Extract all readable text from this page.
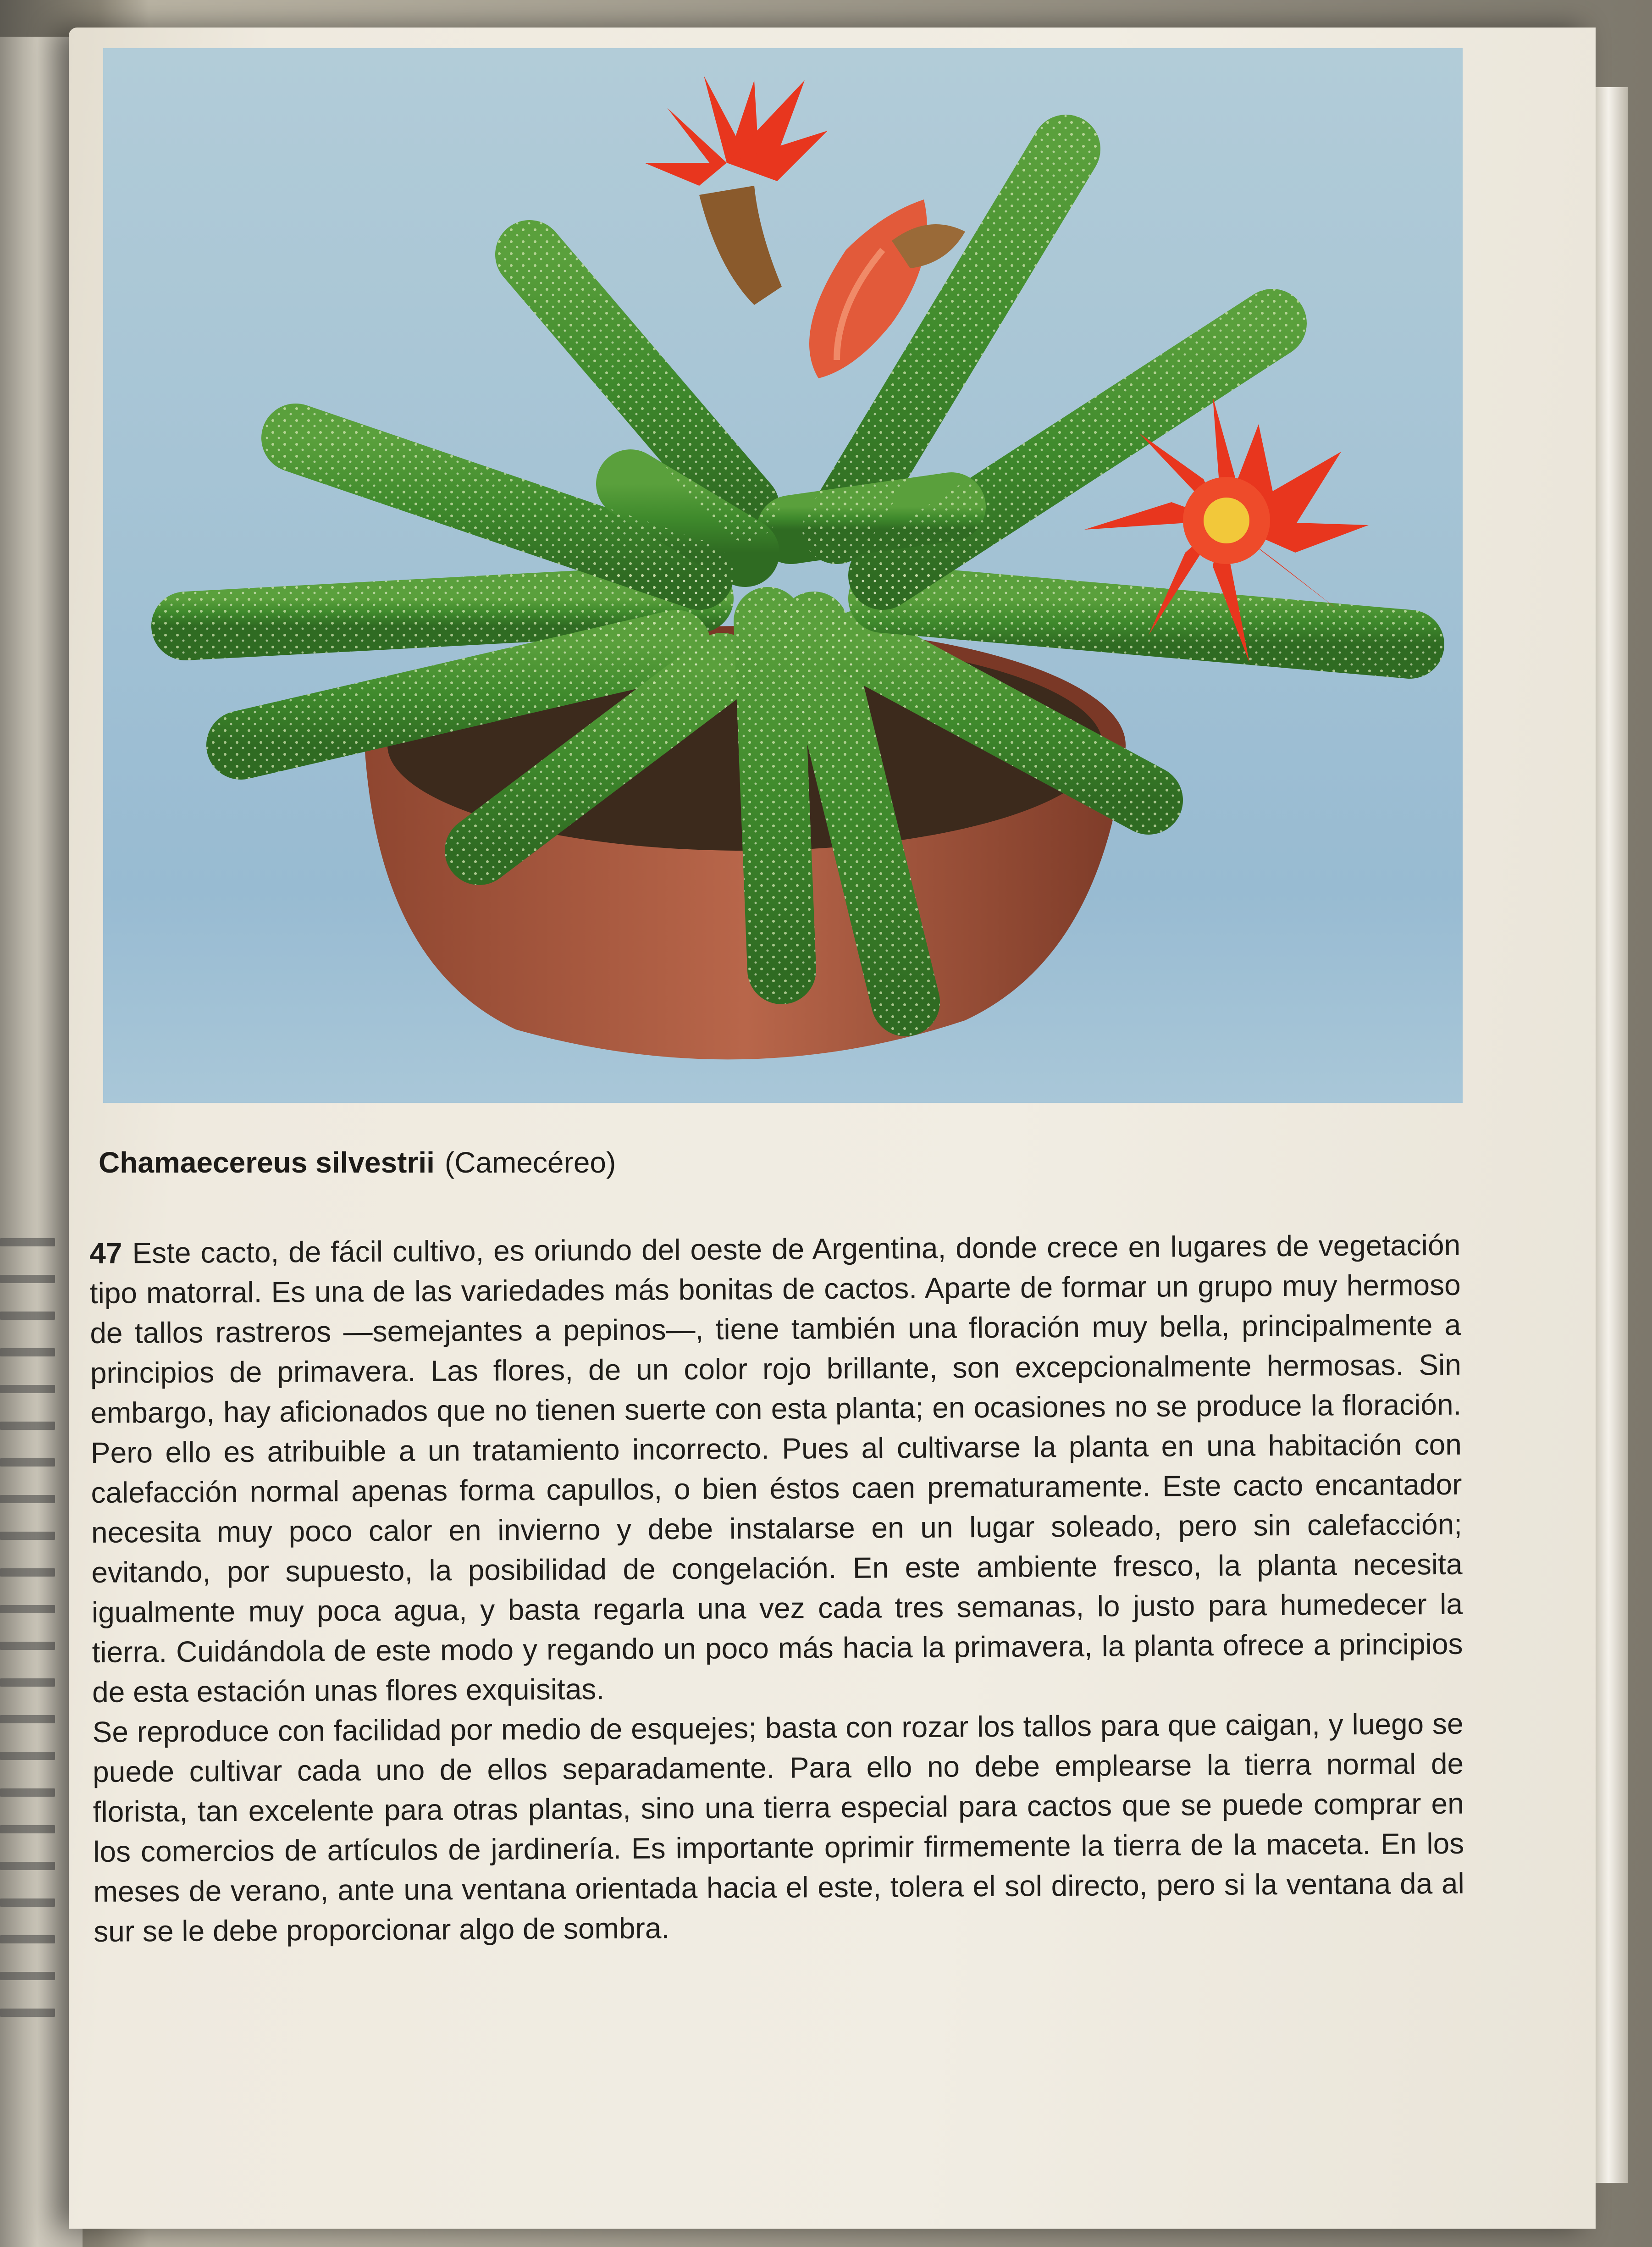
Chamaecereus silvestrii (Camecéreo)

47 Este cacto, de fácil cultivo, es oriundo del oeste de Argentina, donde crece en lugares de vegetación tipo matorral. Es una de las variedades más bonitas de cactos. Aparte de formar un grupo muy hermoso de tallos rastreros —semejantes a pepinos—, tiene también una floración muy bella, principalmente a principios de primavera. Las flores, de un color rojo brillante, son excepcionalmente hermosas. Sin embargo, hay aficionados que no tienen suerte con esta planta; en ocasiones no se produce la floración. Pero ello es atribuible a un tratamiento incorrecto. Pues al cultivarse la planta en una habitación con calefacción normal apenas forma capullos, o bien éstos caen prematuramente. Este cacto encantador necesita muy poco calor en invierno y debe instalarse en un lugar soleado, pero sin calefacción; evitando, por supuesto, la posibilidad de congelación. En este ambiente fresco, la planta necesita igualmente muy poca agua, y basta regarla una vez cada tres semanas, lo justo para humedecer la tierra. Cuidándola de este modo y regando un poco más hacia la primavera, la planta ofrece a principios de esta estación unas flores exquisitas.

Se reproduce con facilidad por medio de esquejes; basta con rozar los tallos para que caigan, y luego se puede cultivar cada uno de ellos separadamente. Para ello no debe emplearse la tierra normal de florista, tan excelente para otras plantas, sino una tierra especial para cactos que se puede comprar en los comercios de artículos de jardinería. Es importante oprimir firmemente la tierra de la maceta. En los meses de verano, ante una ventana orientada hacia el este, tolera el sol directo, pero si la ventana da al sur se le debe proporcionar algo de sombra.
